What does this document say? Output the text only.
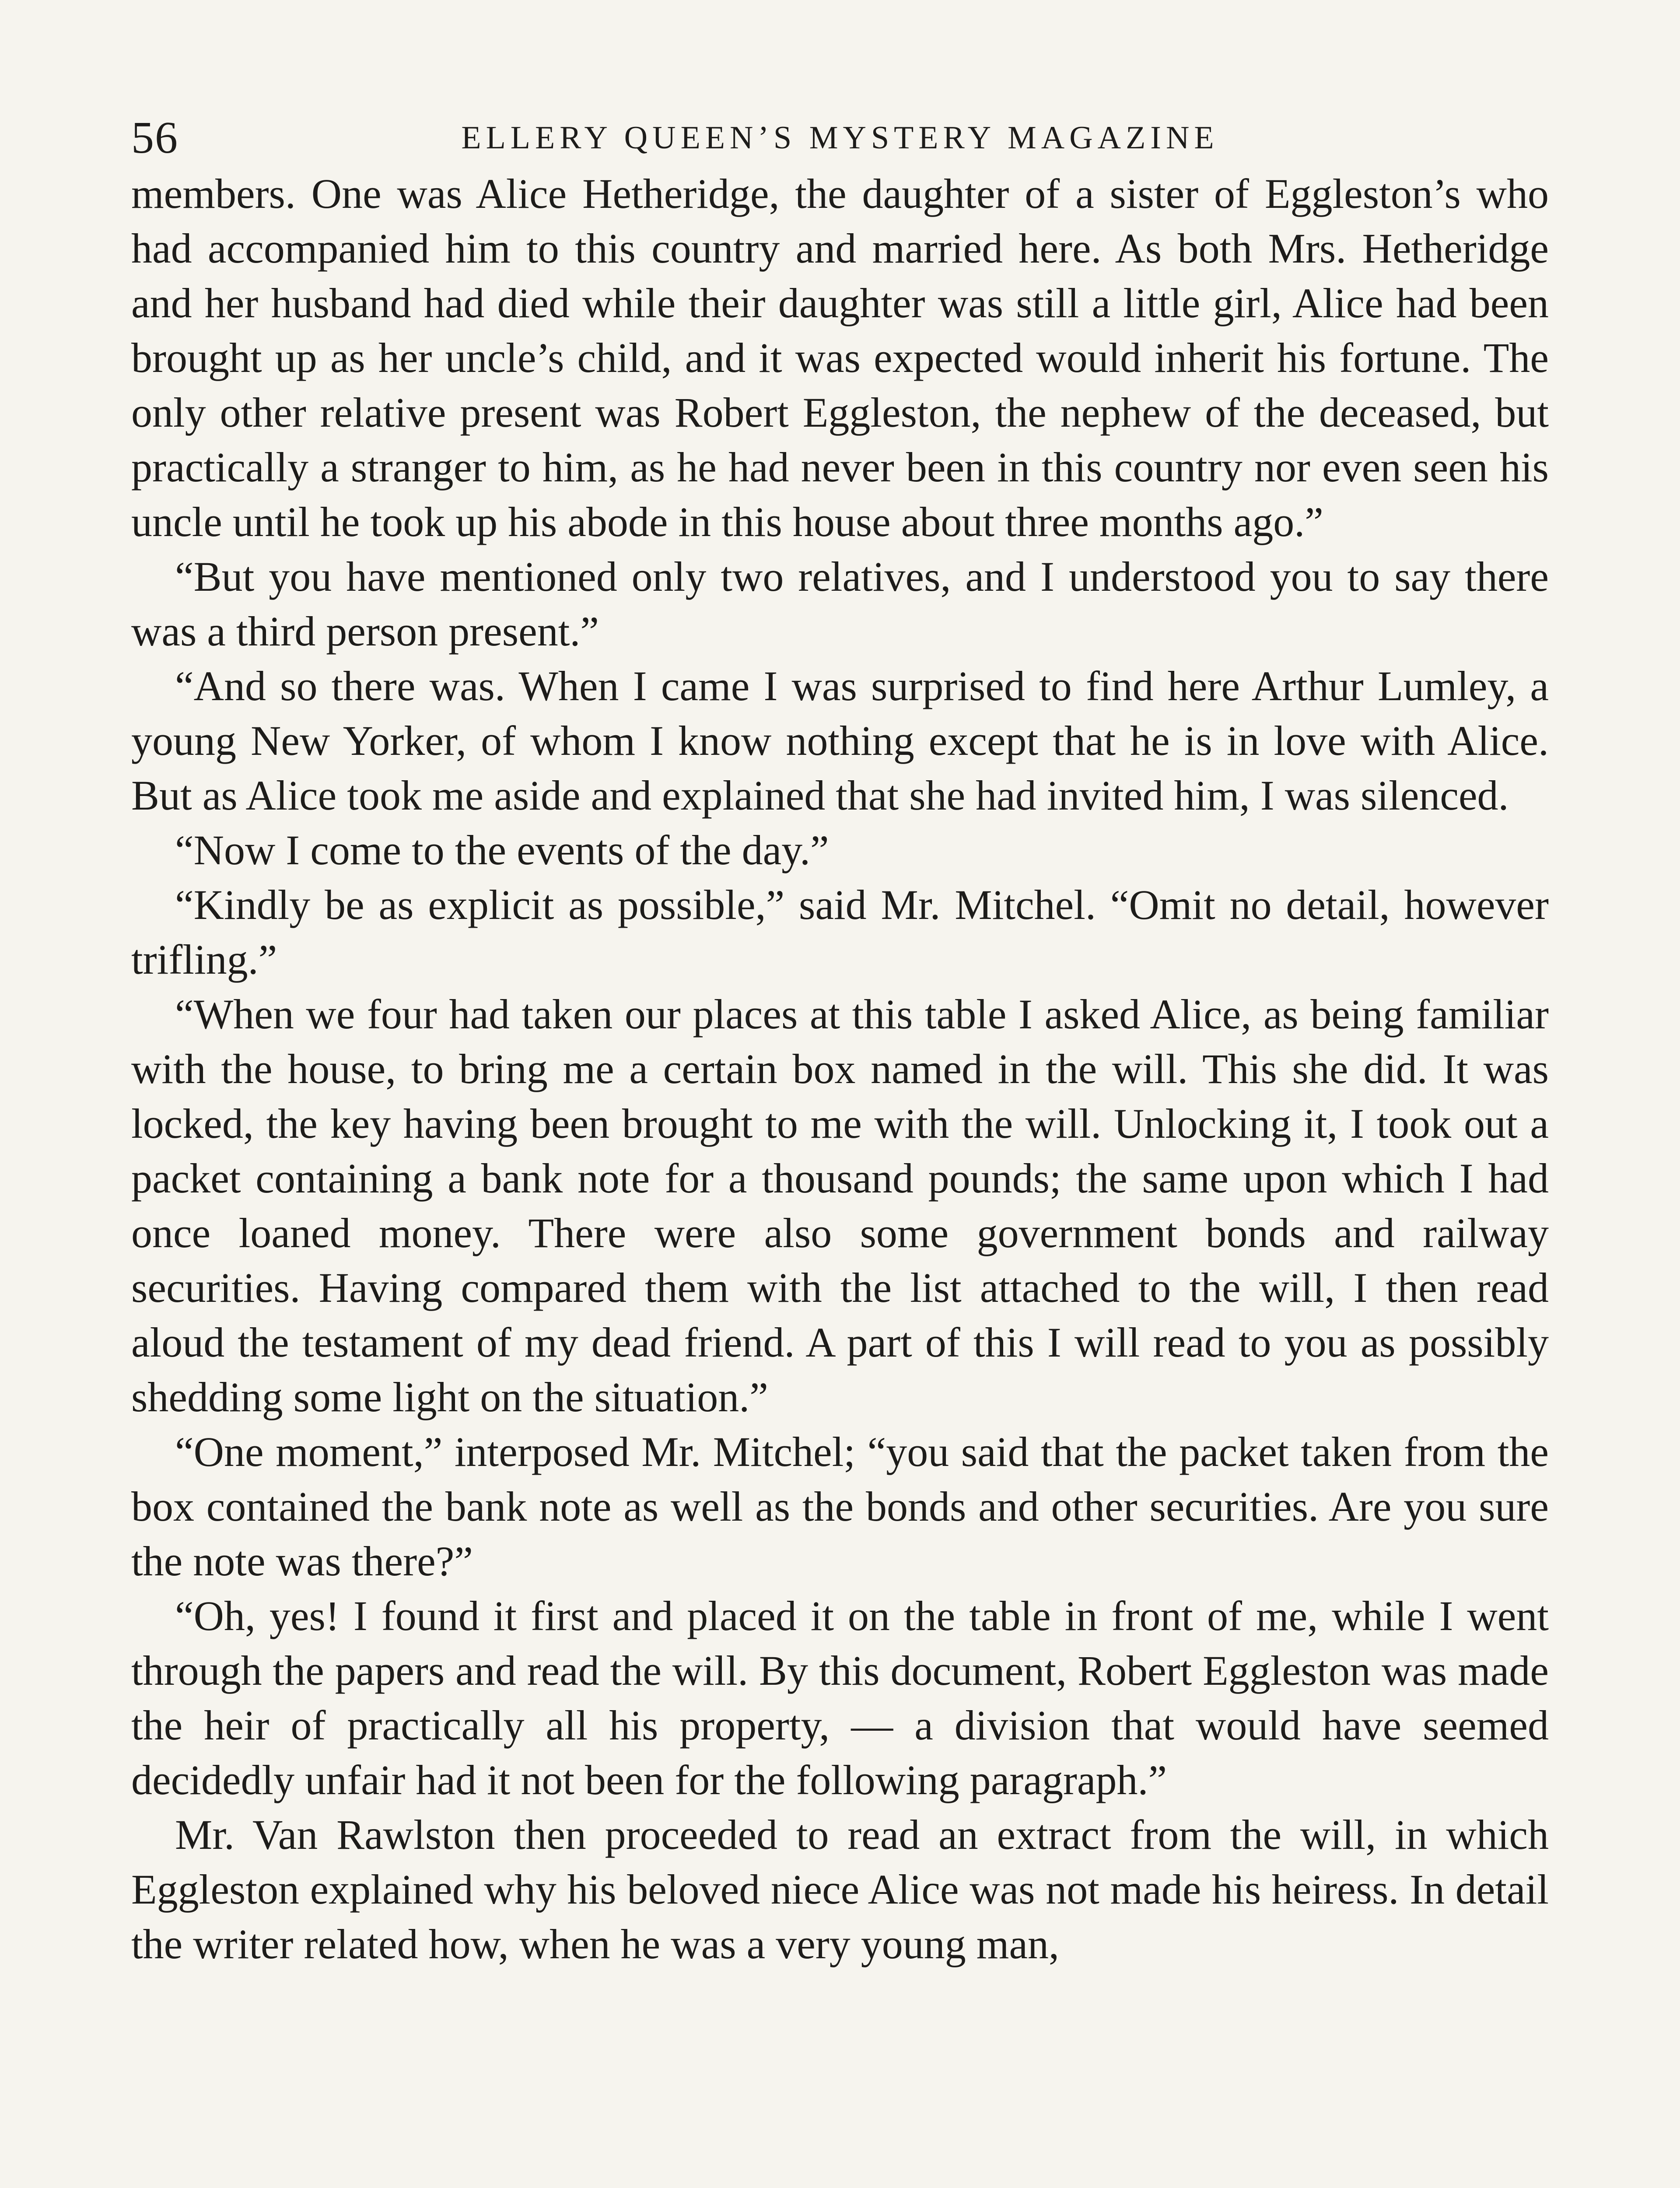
56	ELLERY QUEEN’S MYSTERY MAGAZINE

members. One was Alice Hetheridge, the daughter of a sister of Eggleston’s who had accompanied him to this country and married here. As both Mrs. Hetheridge and her husband had died while their daughter was still a little girl, Alice had been brought up as her uncle’s child, and it was expected would inherit his fortune. The only other relative present was Robert Eggleston, the nephew of the deceased, but practically a stranger to him, as he had never been in this country nor even seen his uncle until he took up his abode in this house about three months ago.”

“But you have mentioned only two relatives, and I understood you to say there was a third person present.”

“And so there was. When I came I was surprised to find here Arthur Lumley, a young New Yorker, of whom I know nothing except that he is in love with Alice. But as Alice took me aside and explained that she had invited him, I was silenced.

“Now I come to the events of the day.”

“Kindly be as explicit as possible,” said Mr. Mitchel. “Omit no detail, however trifling.”

“When we four had taken our places at this table I asked Alice, as being familiar with the house, to bring me a certain box named in the will. This she did. It was locked, the key having been brought to me with the will. Unlocking it, I took out a packet containing a bank note for a thousand pounds; the same upon which I had once loaned money. There were also some government bonds and railway securities. Having compared them with the list attached to the will, I then read aloud the testament of my dead friend. A part of this I will read to you as possibly shedding some light on the situation.”

“One moment,” interposed Mr. Mitchel; “you said that the packet taken from the box contained the bank note as well as the bonds and other securities. Are you sure the note was there?”

“Oh, yes! I found it first and placed it on the table in front of me, while I went through the papers and read the will. By this document, Robert Eggleston was made the heir of practically all his property, — a division that would have seemed decidedly unfair had it not been for the following paragraph.”

Mr. Van Rawlston then proceeded to read an extract from the will, in which Eggleston explained why his beloved niece Alice was not made his heiress. In detail the writer related how, when he was a very young man,
